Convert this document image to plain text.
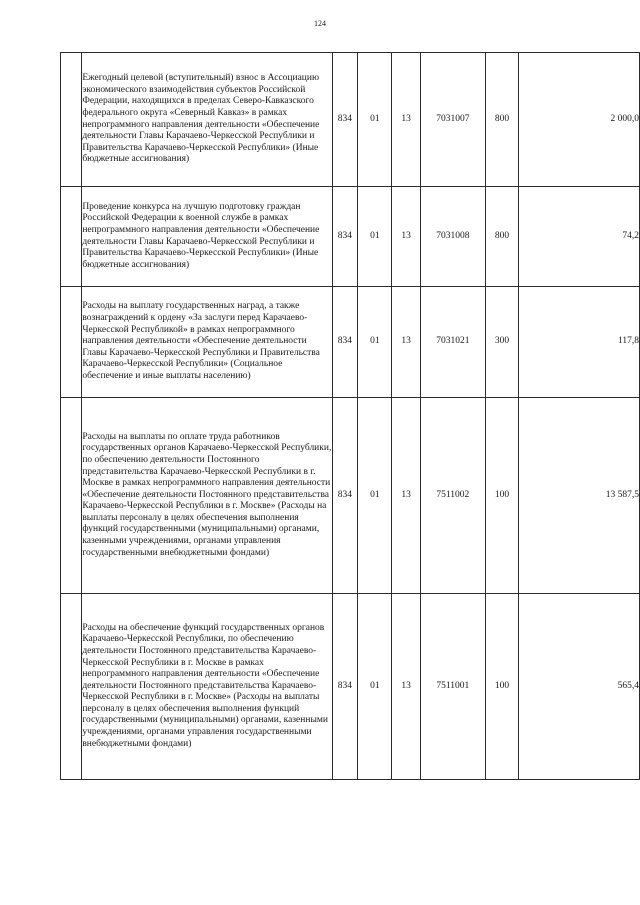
124
	Ежегодный целевой (вступительный) взнос в Ассоциацию экономического взаимодействия субъектов Российской Федерации, находящихся в пределах Северо-Кавказского федерального округа «Северный Кавказ» в рамках непрограммного направления деятельности «Обеспечение деятельности Главы Карачаево-Черкесской Республики и Правительства Карачаево-Черкесской Республики» (Иные бюджетные ассигнования)	834	01	13	7031007	800	2 000,0
	Проведение конкурса на лучшую подготовку граждан Российской Федерации к военной службе в рамках непрограммного направления деятельности «Обеспечение деятельности Главы Карачаево-Черкесской Республики и Правительства Карачаево-Черкесской Республики» (Иные бюджетные ассигнования)	834	01	13	7031008	800	74,2
	Расходы на выплату государственных наград, а также вознаграждений к ордену «За заслуги перед Карачаево-Черкесской Республикой» в рамках непрограммного направления деятельности «Обеспечение деятельности Главы Карачаево-Черкесской Республики и Правительства Карачаево-Черкесской Республики» (Социальное обеспечение и иные выплаты населению)	834	01	13	7031021	300	117,8
	Расходы на выплаты по оплате труда работников государственных органов Карачаево-Черкесской Республики, по обеспечению деятельности Постоянного представительства Карачаево-Черкесской Республики в г. Москве в рамках непрограммного направления деятельности «Обеспечение деятельности Постоянного представительства Карачаево-Черкесской Республики в г. Москве» (Расходы на выплаты персоналу в целях обеспечения выполнения функций государственными (муниципальными) органами, казенными учреждениями, органами управления государственными внебюджетными фондами)	834	01	13	7511002	100	13 587,5
	Расходы на обеспечение функций государственных органов Карачаево-Черкесской Республики, по обеспечению деятельности Постоянного представительства Карачаево-Черкесской Республики в г. Москве в рамках непрограммного направления деятельности «Обеспечение деятельности Постоянного представительства Карачаево-Черкесской Республики в г. Москве» (Расходы на выплаты персоналу в целях обеспечения выполнения функций государственными (муниципальными) органами, казенными учреждениями, органами управления государственными внебюджетными фондами)	834	01	13	7511001	100	565,4
